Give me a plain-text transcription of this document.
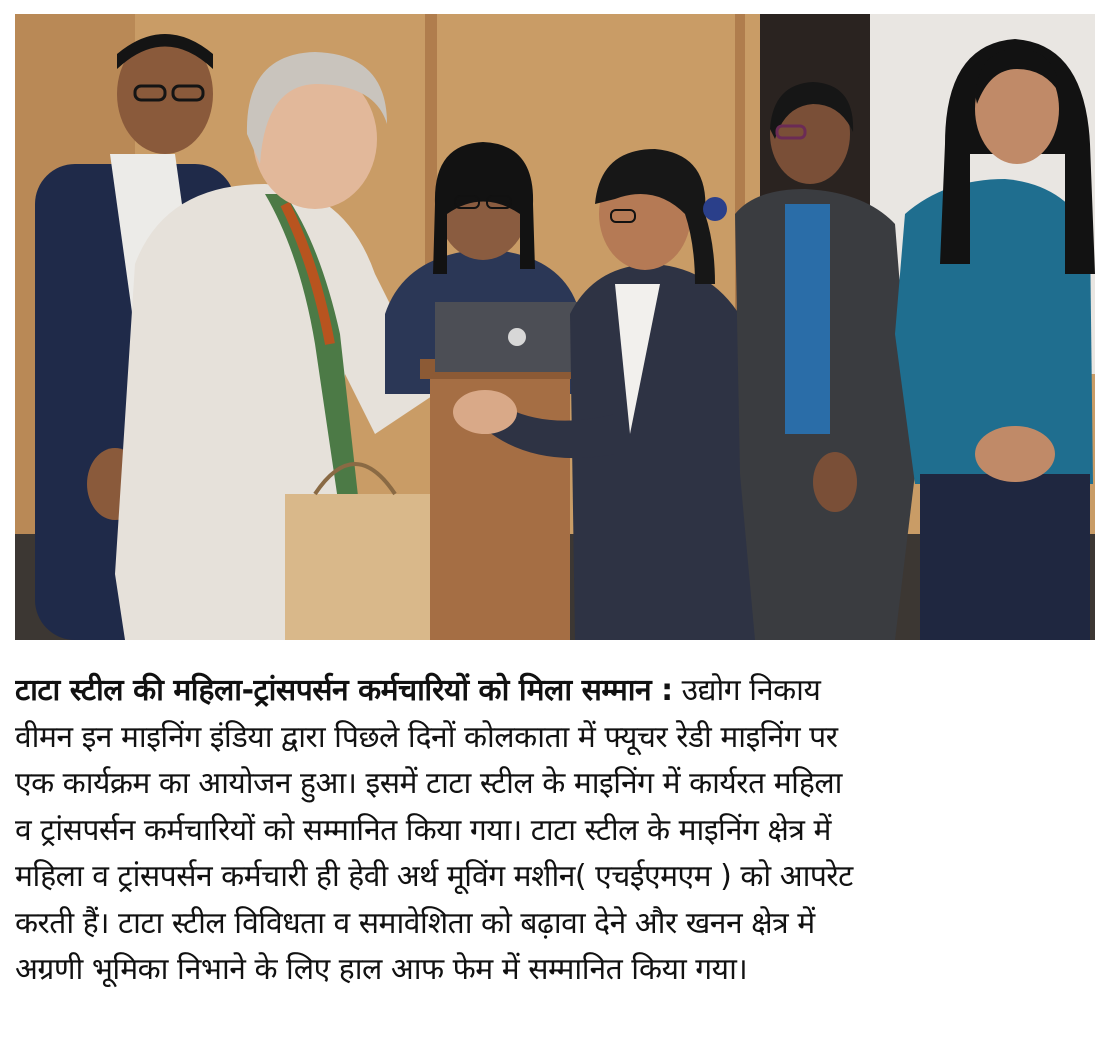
टाटा स्टील की महिला-ट्रांसपर्सन कर्मचारियों को मिला सम्मान : उद्योग निकाय
वीमन इन माइनिंग इंडिया द्वारा पिछले दिनों कोलकाता में फ्यूचर रेडी माइनिंग पर
एक कार्यक्रम का आयोजन हुआ। इसमें टाटा स्टील के माइनिंग में कार्यरत महिला
व ट्रांसपर्सन कर्मचारियों को सम्मानित किया गया। टाटा स्टील के माइनिंग क्षेत्र में
महिला व ट्रांसपर्सन कर्मचारी ही हेवी अर्थ मूविंग मशीन( एचईएमएम ) को आपरेट
करती हैं। टाटा स्टील विविधता व समावेशिता को बढ़ावा देने और खनन क्षेत्र में
अग्रणी भूमिका निभाने के लिए हाल आफ फेम में सम्मानित किया गया।
